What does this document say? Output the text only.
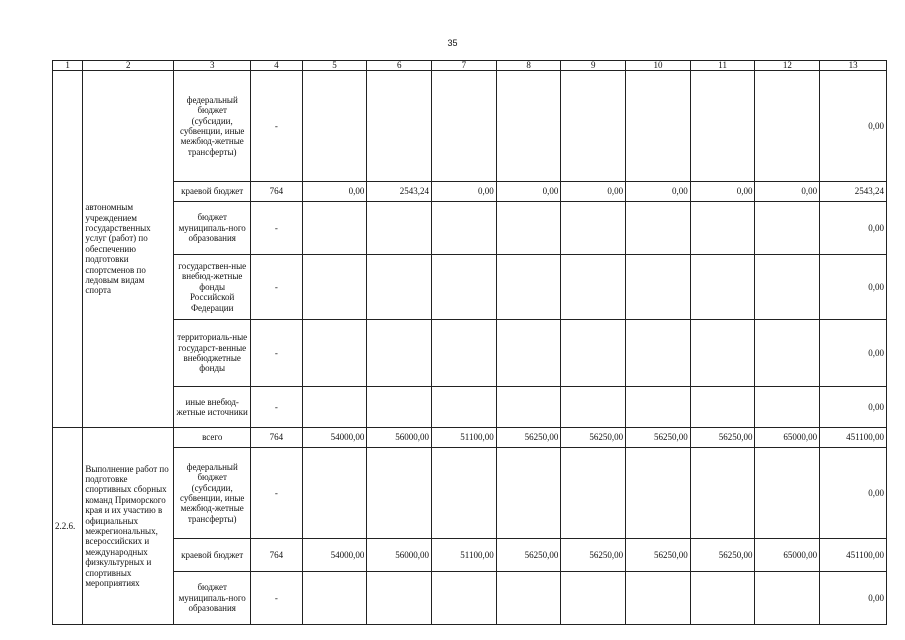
35
1	2	3	4	5	6	7	8	9	10	11	12	13
	автономным учреждением государственных услуг (работ) по обеспечению подготовки спортсменов по ледовым видам спорта	федеральный бюджет (субсидии, субвенции, иные межбюд-жетные трансферты)	-									0,00
		краевой бюджет	764	0,00	2543,24	0,00	0,00	0,00	0,00	0,00	0,00	2543,24
		бюджет муниципаль-ного образования	-									0,00
		государствен-ные внебюд-жетные фонды Российской Федерации	-									0,00
		территориаль-ные государст-венные внебюджетные фонды	-									0,00
		иные внебюд-жетные источники	-									0,00
2.2.6.	Выполнение работ по подготовке спортивных сборных команд Приморского края и их участию в официальных межрегиональных, всероссийских и международных физкультурных и спортивных мероприятиях	всего	764	54000,00	56000,00	51100,00	56250,00	56250,00	56250,00	56250,00	65000,00	451100,00
		федеральный бюджет (субсидии, субвенции, иные межбюд-жетные трансферты)	-									0,00
		краевой бюджет	764	54000,00	56000,00	51100,00	56250,00	56250,00	56250,00	56250,00	65000,00	451100,00
		бюджет муниципаль-ного образования	-									0,00
